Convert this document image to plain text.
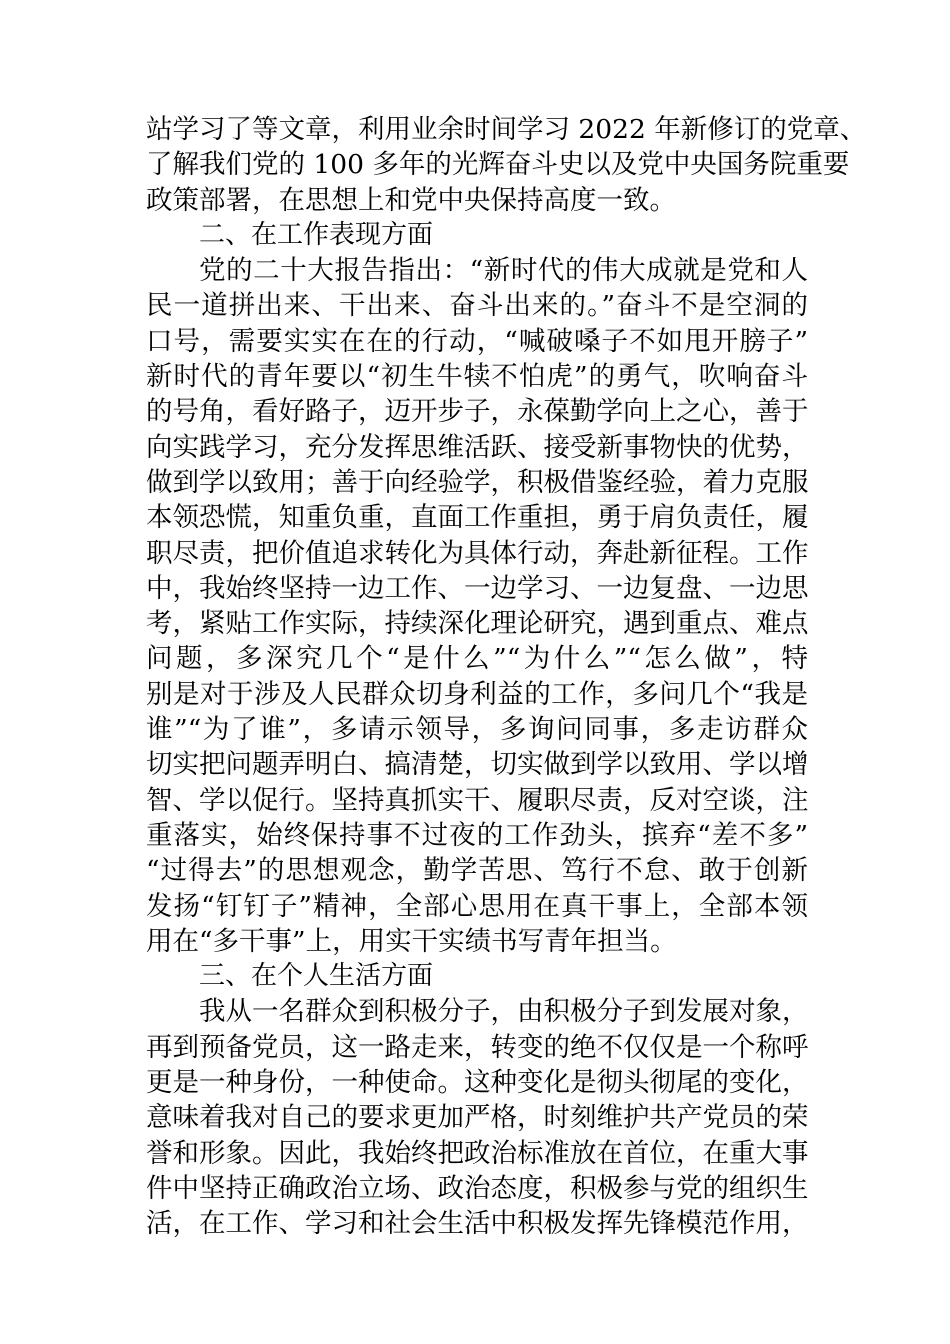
站学习了等文章，利用业余时间学习 2022 年新修订的党章、
了解我们党的 100 多年的光辉奋斗史以及党中央国务院重要
政策部署，在思想上和党中央保持高度一致。
二、在工作表现方面
党的二十大报告指出：“新时代的伟大成就是党和人
民一道拼出来、干出来、奋斗出来的。”奋斗不是空洞的
口号，需要实实在在的行动，“喊破嗓子不如甩开膀子”
新时代的青年要以“初生牛犊不怕虎”的勇气，吹响奋斗
的号角，看好路子，迈开步子，永葆勤学向上之心，善于
向实践学习，充分发挥思维活跃、接受新事物快的优势，
做到学以致用；善于向经验学，积极借鉴经验，着力克服
本领恐慌，知重负重，直面工作重担，勇于肩负责任，履
职尽责，把价值追求转化为具体行动，奔赴新征程。工作
中，我始终坚持一边工作、一边学习、一边复盘、一边思
考，紧贴工作实际，持续深化理论研究，遇到重点、难点
问题，多深究几个“是什么”“为什么”“怎么做”，特
别是对于涉及人民群众切身利益的工作，多问几个“我是
谁”“为了谁”，多请示领导，多询问同事，多走访群众
切实把问题弄明白、搞清楚，切实做到学以致用、学以增
智、学以促行。坚持真抓实干、履职尽责，反对空谈，注
重落实，始终保持事不过夜的工作劲头，摈弃“差不多”
“过得去”的思想观念，勤学苦思、笃行不怠、敢于创新
发扬“钉钉子”精神，全部心思用在真干事上，全部本领
用在“多干事”上，用实干实绩书写青年担当。
三、在个人生活方面
我从一名群众到积极分子，由积极分子到发展对象，
再到预备党员，这一路走来，转变的绝不仅仅是一个称呼
更是一种身份，一种使命。这种变化是彻头彻尾的变化，
意味着我对自己的要求更加严格，时刻维护共产党员的荣
誉和形象。因此，我始终把政治标准放在首位，在重大事
件中坚持正确政治立场、政治态度，积极参与党的组织生
活，在工作、学习和社会生活中积极发挥先锋模范作用，
